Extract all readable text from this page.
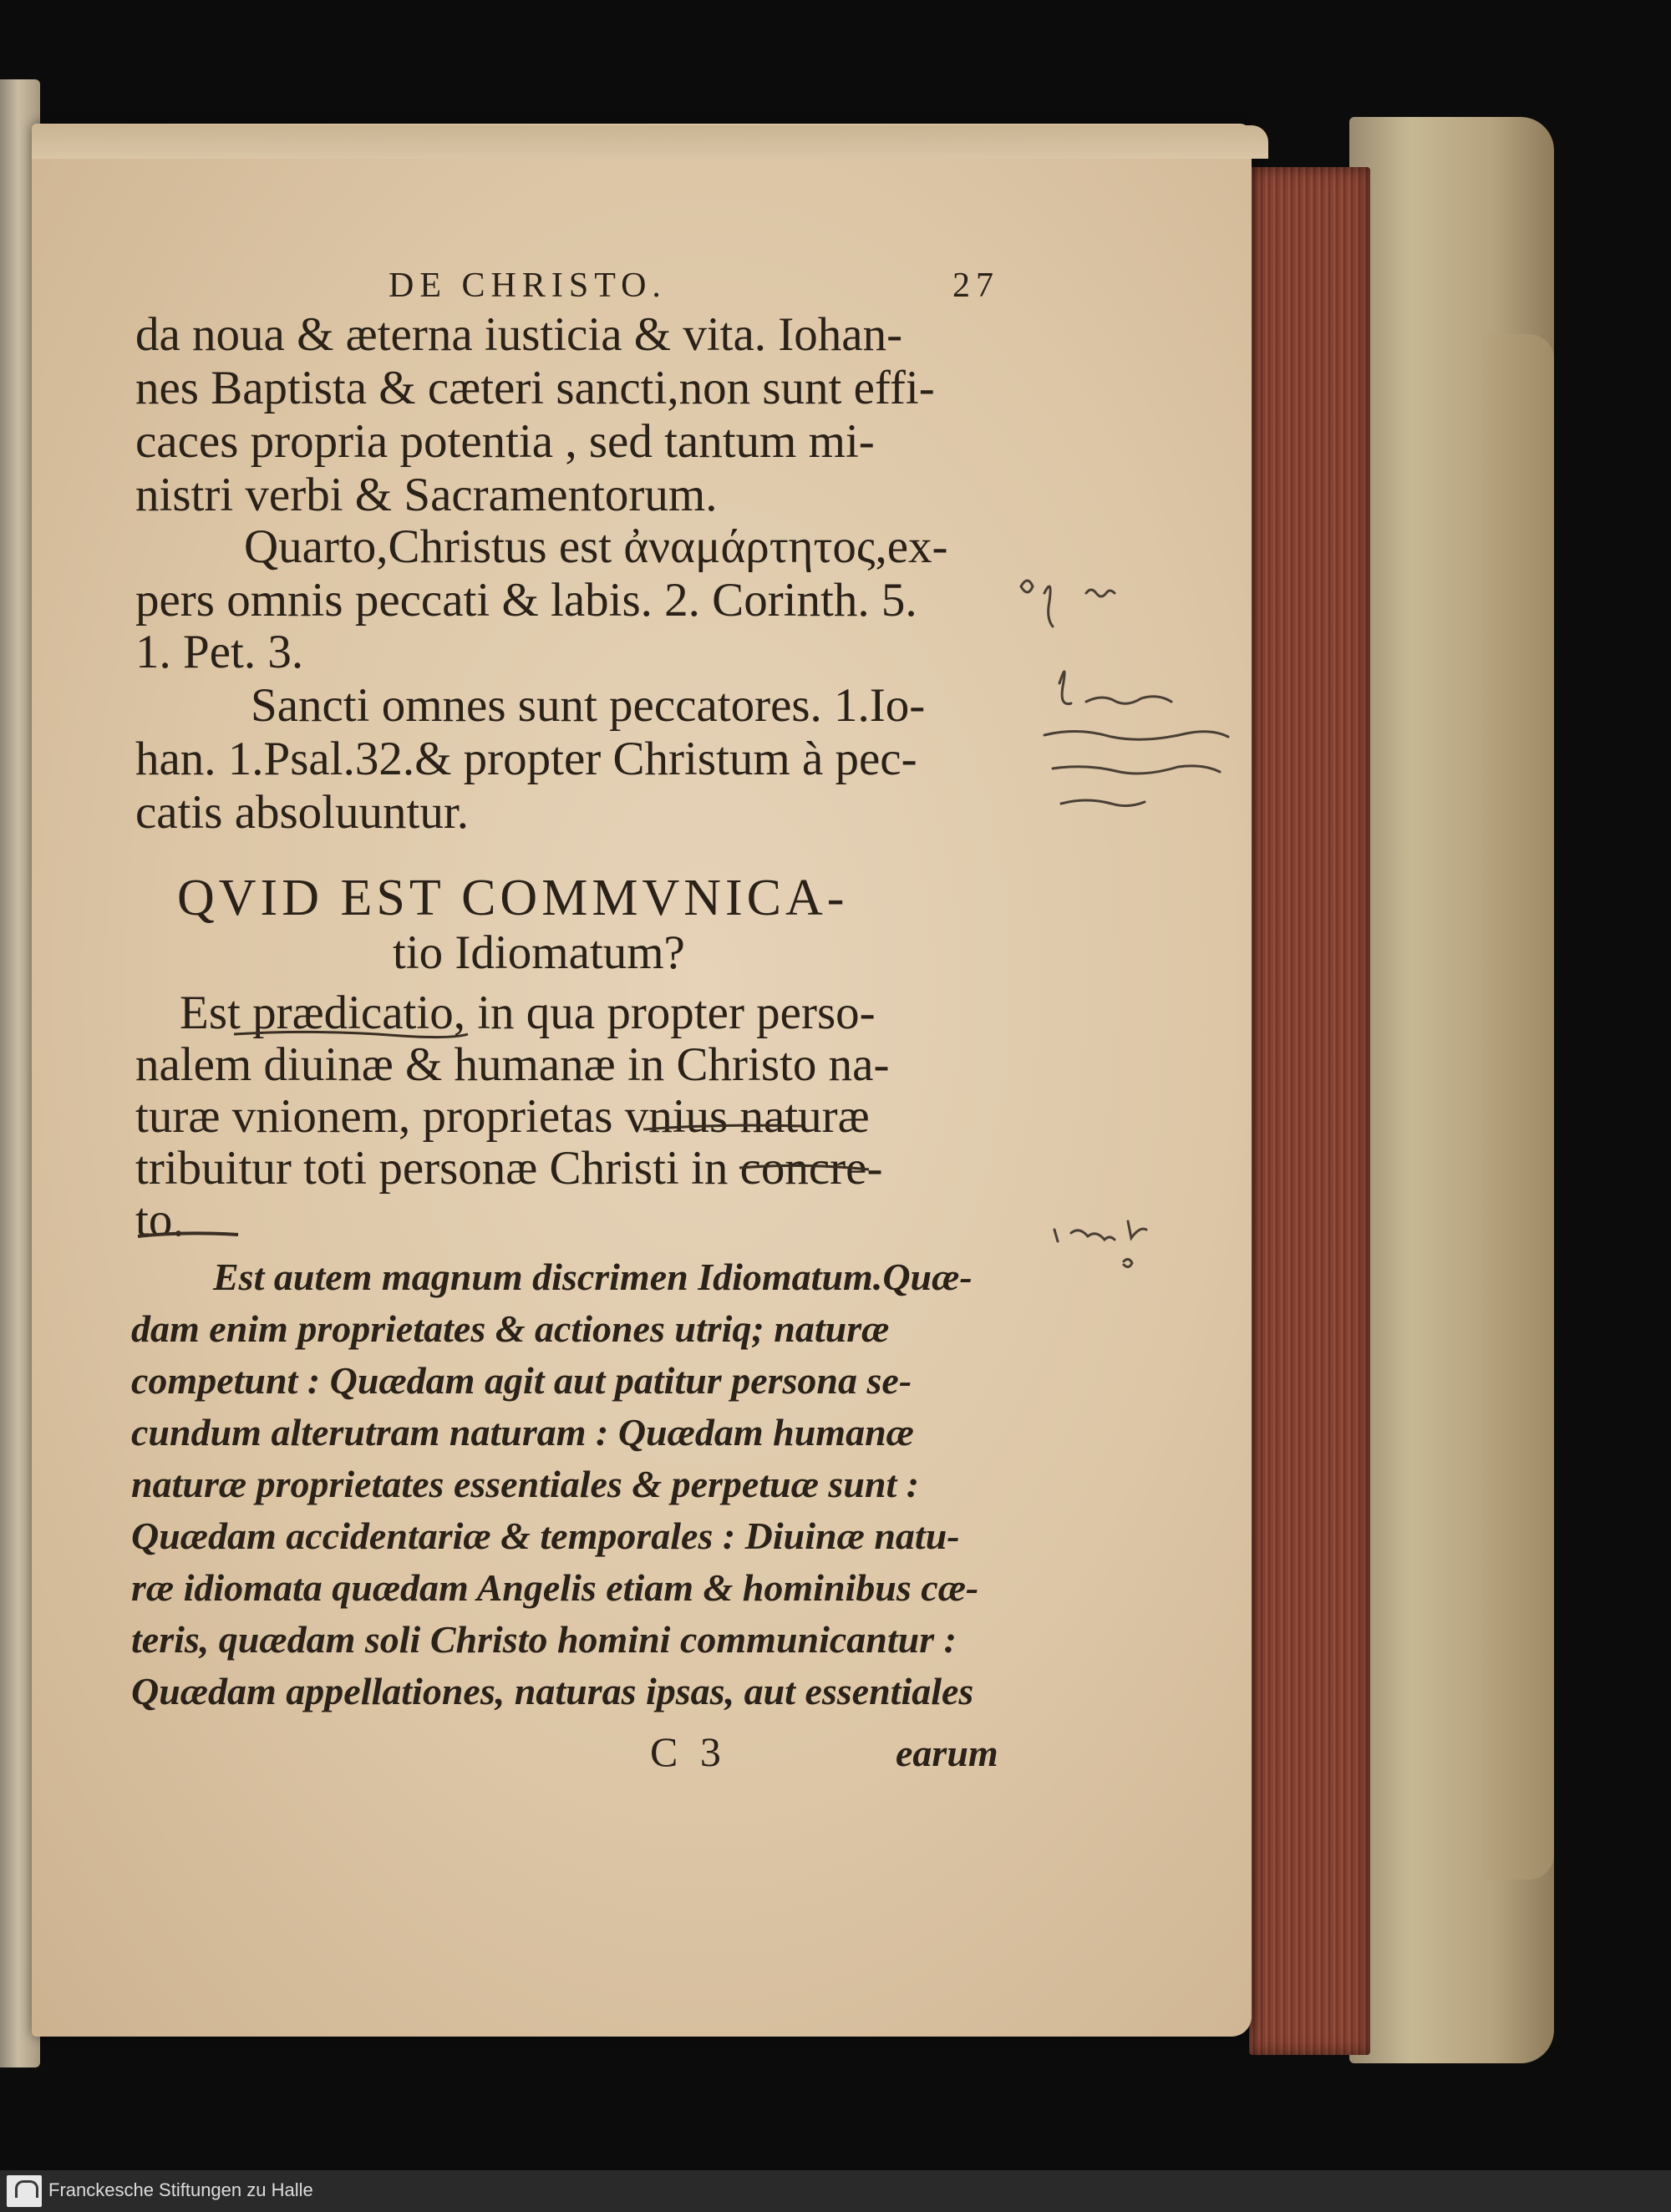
DE CHRISTO.	27
da noua & æterna iusticia & vita. Iohan-
nes Baptista & cæteri sancti,non sunt effi-
caces propria potentia , sed tantum mi-
nistri verbi & Sacramentorum.
Quarto,Christus est ἀναμάρτητος,ex-
pers omnis peccati & labis. 2. Corinth. 5.
1. Pet. 3.
Sancti omnes sunt peccatores. 1.Io-
han. 1.Psal.32.& propter Christum à pec-
catis absoluuntur.
QVID EST COMMVNICA-
tio Idiomatum?
Est prædicatio, in qua propter perso-
nalem diuinæ & humanæ in Christo na-
turæ vnionem, proprietas vnius naturæ
tribuitur toti personæ Christi in concre-
to.
Est autem magnum discrimen Idiomatum.Quæ-
dam enim proprietates & actiones utriq; naturæ
competunt : Quædam agit aut patitur persona se-
cundum alterutram naturam : Quædam humanæ
naturæ proprietates essentiales & perpetuæ sunt :
Quædam accidentariæ & temporales : Diuinæ natu-
ræ idiomata quædam Angelis etiam & hominibus cæ-
teris, quædam soli Christo homini communicantur :
Quædam appellationes, naturas ipsas, aut essentiales
C 3	earum
Franckesche Stiftungen zu Halle
